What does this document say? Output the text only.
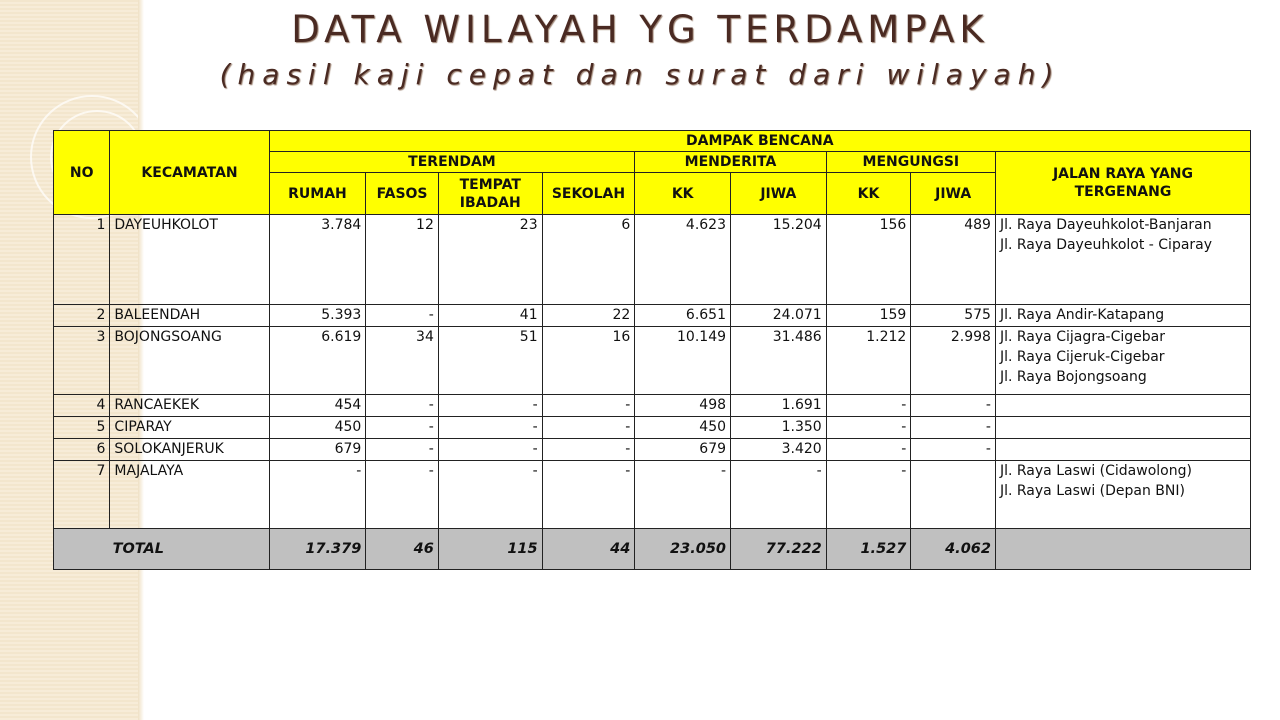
DATA WILAYAH YG TERDAMPAK
(hasil kaji cepat dan surat dari wilayah)
NO	KECAMATAN	DAMPAK BENCANA								
		TERENDAM				MENDERITA		MENGUNGSI		JALAN RAYA YANG TERGENANG
		RUMAH	FASOS	TEMPAT IBADAH	SEKOLAH	KK	JIWA	KK	JIWA	
1	DAYEUHKOLOT	3.784	12	23	6	4.623	15.204	156	489	Jl. Raya Dayeuhkolot-Banjaran
Jl. Raya Dayeuhkolot - Ciparay

2	BALEENDAH	5.393	-	41	22	6.651	24.071	159	575	Jl. Raya Andir-Katapang

3	BOJONGSOANG	6.619	34	51	16	10.149	31.486	1.212	2.998	Jl. Raya Cijagra-Cigebar
Jl. Raya Cijeruk-Cigebar
Jl. Raya Bojongsoang

4	RANCAEKEK	454	-	-	-	498	1.691	-	-	
5	CIPARAY	450	-	-	-	450	1.350	-	-	
6	SOLOKANJERUK	679	-	-	-	679	3.420	-	-	
7	MAJALAYA	-	-	-	-	-	-	-		Jl. Raya Laswi (Cidawolong)
Jl. Raya Laswi (Depan BNI)

TOTAL		17.379	46	115	44	23.050	77.222	1.527	4.062	
